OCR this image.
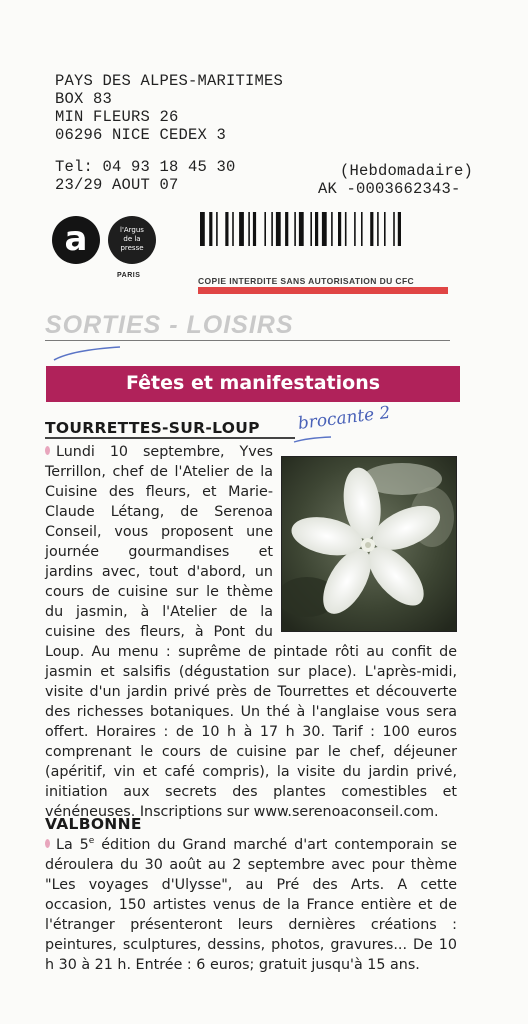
PAYS DES ALPES-MARITIMES
BOX 83
MIN FLEURS 26
06296 NICE CEDEX 3
Tel: 04 93 18 45 30
23/29 AOUT 07
(Hebdomadaire)
AK -0003662343-
a	l'Argus
de la
presse
PARIS
COPIE INTERDITE SANS AUTORISATION DU CFC
SORTIES - LOISIRS
Fêtes et manifestations
TOURRETTES-SUR-LOUP brocante 2
Lundi 10 septembre, Yves Terrillon, chef de l'Atelier de la Cuisine des fleurs, et Marie-Claude Létang, de Serenoa Conseil, vous proposent une journée gourmandises et jardins avec, tout d'abord, un cours de cuisine sur le thème du jasmin, à l'Atelier de la cuisine des fleurs, à Pont du Loup. Au menu : suprême de pintade rôti au confit de jasmin et salsifis (dégustation sur place). L'après-midi, visite d'un jardin privé près de Tourrettes et découverte des richesses botaniques. Un thé à l'anglaise vous sera offert. Horaires : de 10 h à 17 h 30. Tarif : 100 euros comprenant le cours de cuisine par le chef, déjeuner (apéritif, vin et café compris), la visite du jardin privé, initiation aux secrets des plantes comestibles et vénéneuses. Inscriptions sur www.serenoaconseil.com.
VALBONNE
La 5e édition du Grand marché d'art contemporain se déroulera du 30 août au 2 septembre avec pour thème "Les voyages d'Ulysse", au Pré des Arts. A cette occasion, 150 artistes venus de la France entière et de l'étranger présenteront leurs dernières créations : peintures, sculptures, dessins, photos, gravures... De 10 h 30 à 21 h. Entrée : 6 euros; gratuit jusqu'à 15 ans.
